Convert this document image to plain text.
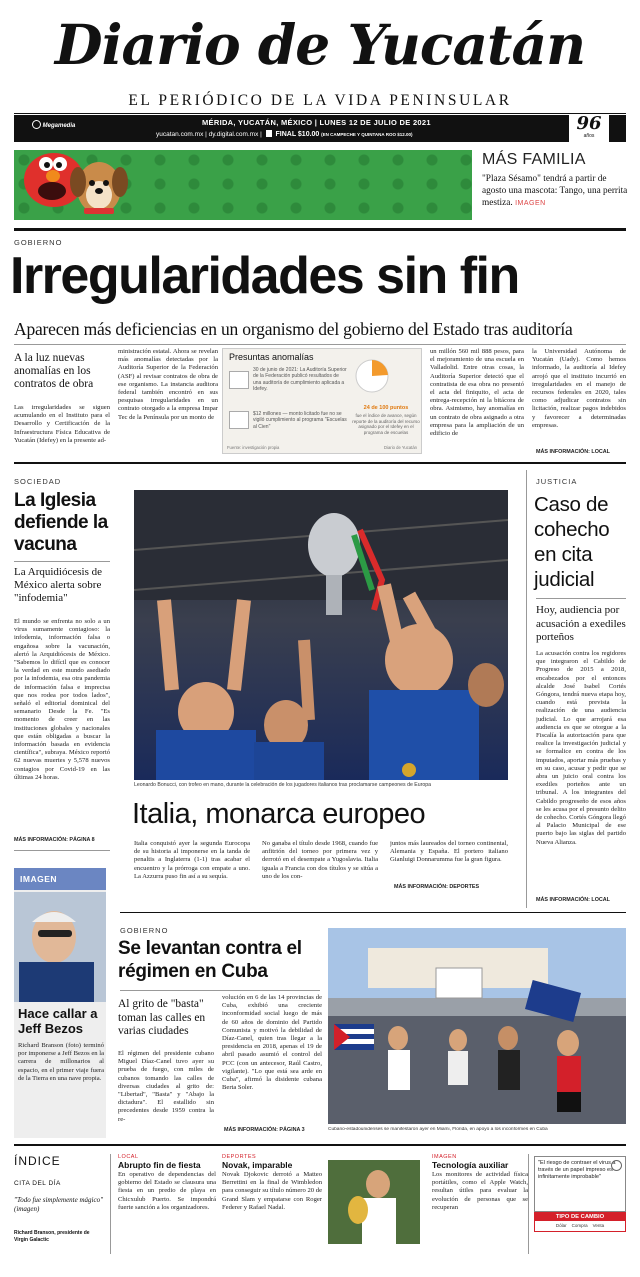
Diario de Yucatán
EL PERIÓDICO DE LA VIDA PENINSULAR
Megamedia	MÉRIDA, YUCATÁN, MÉXICO | LUNES 12 DE JULIO DE 2021
yucatan.com.mx | dy.digital.com.mx | FINAL $10.00 (EN CAMPECHE Y QUINTANA ROO $12.00)
96
años
MÁS FAMILIA
"Plaza Sésamo" tendrá a partir de agosto una mascota: Tango, una perrita mestiza. IMAGEN
GOBIERNO
Irregularidades sin fin
Aparecen más deficiencias en un organismo del gobierno del Estado tras auditoría
A la luz nuevas anomalías en los contratos de obra
Las irregularidades se siguen acumulando en el Instituto para el Desarrollo y Certificación de la Infraestructura Física Educativa de Yucatán (Idefey) en la presente ad-
ministración estatal. Ahora se revelan más anomalías detectadas por la Auditoría Superior de la Federación (ASF) al revisar contratos de obra de ese organismo. La instancia auditora federal también encontró en sus pesquisas irregularidades en un contrato otorgado a la empresa Impar Tec de la Península por un monto de
Presuntas anomalías
30 de junio de 2021: La Auditoría Superior de la Federación publicó resultados de una auditoría de cumplimiento aplicada a Idefey.
$12 millones — monto licitado fue no se vigiló cumplimiento al programa "Escuelas al Cien"
24 de 100 puntos
fue el índice de avance, según reporte de la auditoría del recurso asignado por el Idefey en el programa de escuelas
Fuente: investigación propia	Diario de Yucatán
un millón 560 mil 888 pesos, para el mejoramiento de una escuela en Valladolid. Entre otras cosas, la Auditoría Superior detectó que el contratista de esa obra no presentó el acta del finiquito, el acta de entrega-recepción ni la bitácora de obra. Asimismo, hay anomalías en un contrato de obra asignado a otra empresa para la ampliación de un edificio de
la Universidad Autónoma de Yucatán (Uady). Como hemos informado, la auditoría al Idefey arrojó que el instituto incurrió en irregularidades en el manejo de recursos federales en 2020, tales como adjudicar contratos sin licitación, realizar pagos indebidos y favorecer a determinadas empresas.
MÁS INFORMACIÓN: LOCAL
SOCIEDAD
La Iglesia defiende la vacuna
La Arquidiócesis de México alerta sobre "infodemia"
El mundo se enfrenta no solo a un virus sumamente contagioso: la infodemia, información falsa o engañosa sobre la vacunación, alertó la Arquidiócesis de México. "Sabemos lo difícil que es conocer la verdad en este mundo asediado por la infodemia, esa otra pandemia de información falsa e imprecisa que nos rodea por todos lados", señaló el editorial dominical del semanario Desde la Fe. "Es momento de creer en las instituciones globales y nacionales que están obligadas a buscar la información basada en evidencia científica", subraya. México reportó 62 nuevas muertes y 5,578 nuevos contagios por Covid-19 en las últimas 24 horas.
MÁS INFORMACIÓN: PÁGINA 8
Leonardo Bonucci, con trofeo en mano, durante la celebración de los jugadores italianos tras proclamarse campeones de Europa
Italia, monarca europeo
Italia conquistó ayer la segunda Eurocopa de su historia al imponerse en la tanda de penaltis a Inglaterra (1-1) tras acabar el encuentro y la prórroga con empate a uno. La Azzurra puso fin así a su sequía.
No ganaba el título desde 1968, cuando fue anfitrión del torneo por primera vez y derrotó en el desempate a Yugoslavia. Italia iguala a Francia con dos títulos y se sitúa a uno de los con-
juntos más laureados del torneo continental, Alemania y España. El portero italiano Gianluigi Donnarumma fue la gran figura.
MÁS INFORMACIÓN: DEPORTES
JUSTICIA
Caso de cohecho en cita judicial
Hoy, audiencia por acusación a exediles porteños
La acusación contra los regidores que integraron el Cabildo de Progreso de 2015 a 2018, encabezados por el entonces alcalde José Isabel Cortés Góngora, tendrá nueva etapa hoy, cuando está prevista la realización de una audiencia judicial. Lo que arrojará esa audiencia es que se otorgue a la Fiscalía la autorización para que realice la investigación judicial y se formalice en contra de los imputados, aportar más pruebas y en su caso, acusar y pedir que se abra un juicio oral contra los exediles porteños ante un tribunal. A los integrantes del Cabildo progreseño de esos años se les acusa por el presunto delito de cohecho. Cortés Góngora llegó al Palacio Municipal de ese puerto bajo las siglas del partido Nueva Alianza.
MÁS INFORMACIÓN: LOCAL
IMAGEN
Hace callar a Jeff Bezos
Richard Branson (foto) terminó por imponerse a Jeff Bezos en la carrera de millonarios al espacio, en el primer viaje fuera de la Tierra en una nave propia.
GOBIERNO
Se levantan contra el régimen en Cuba
Al grito de "basta" toman las calles en varias ciudades
El régimen del presidente cubano Miguel Díaz-Canel tuvo ayer su prueba de fuego, con miles de cubanos tomando las calles de diversas ciudades al grito de: "Libertad", "Basta" y "Abajo la dictadura". El estallido sin precedentes desde 1959 contra la re-
volución en 6 de las 14 provincias de Cuba, exhibió una creciente inconformidad social luego de más de 60 años de dominio del Partido Comunista y motivó la debilidad de Díaz-Canel, quien tras llegar a la presidencia en 2018, apenas el 19 de abril pasado asumió el control del PCC (con un antecesor, Raúl Castro, vigilante). "Lo que está sea arde en Cuba", afirmó la disidente cubana Berta Soler.
MÁS INFORMACIÓN: PÁGINA 3	Cubano-estadounidenses se manifestaron ayer en Miami, Florida, en apoyo a los inconformes en Cuba
ÍNDICE
CITA DEL DÍA
"Todo fue simplemente mágico" (imagen)
Richard Branson, presidente de Virgin Galactic
LOCAL
Abrupto fin de fiesta
En operativo de dependencias del gobierno del Estado se clausura una fiesta en un predio de playa en Chicxulub Puerto. Se impondrá fuerte sanción a los organizadores.
DEPORTES
Novak, imparable
Novak Djokovic derrotó a Matteo Berrettini en la final de Wimbledon para conseguir su título número 20 de Grand Slam y empatarse con Roger Federer y Rafael Nadal.
IMAGEN
Tecnología auxiliar
Los monitores de actividad física portátiles, como el Apple Watch, resultan útiles para evaluar la evolución de personas que se recuperan
"El riesgo de contraer el virus a través de un papel impreso es infinitamente improbable"
TIPO DE CAMBIO
Dólar    Compra    Venta
